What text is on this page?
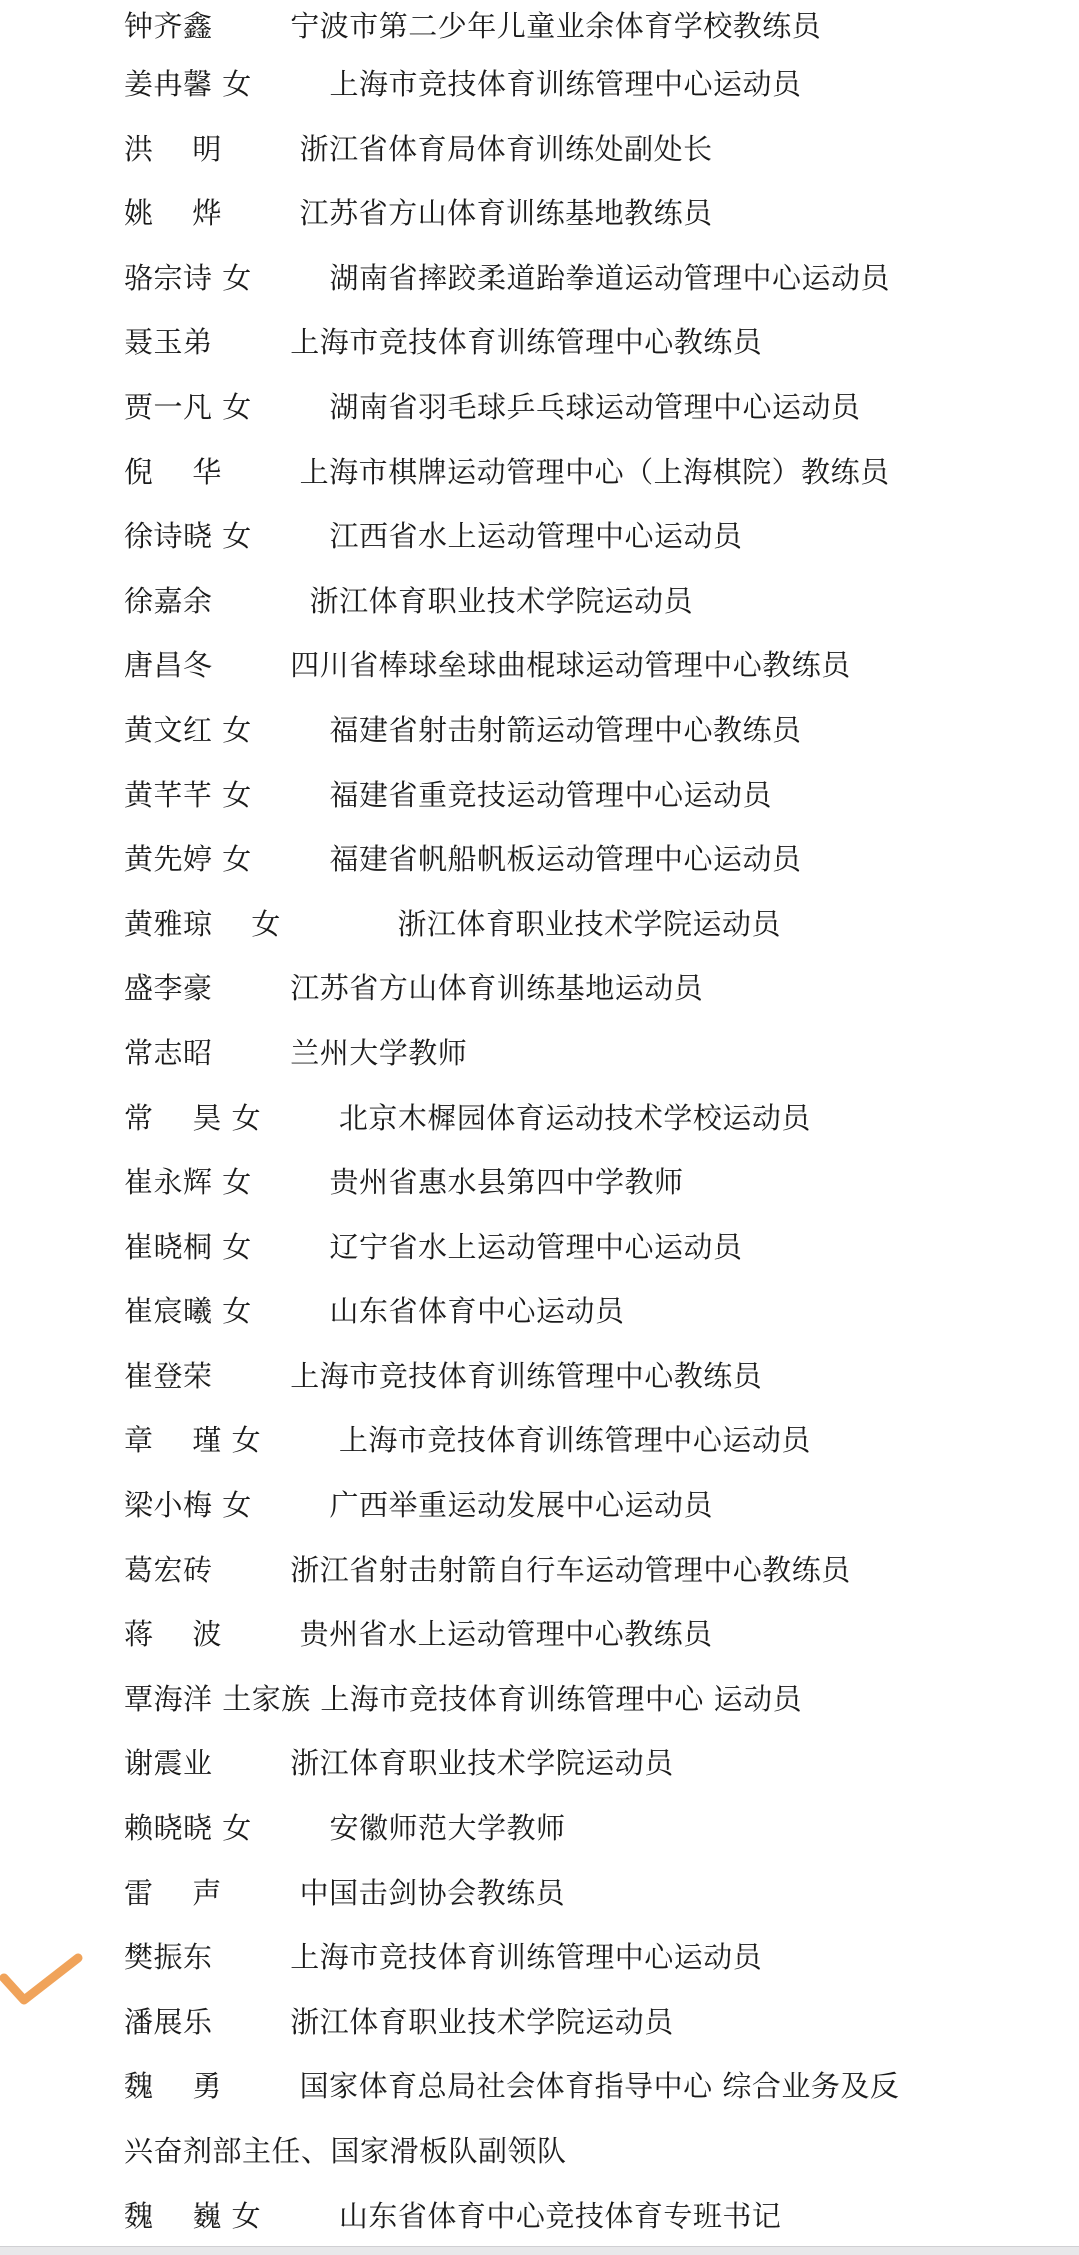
钟齐鑫        宁波市第二少年儿童业余体育学校教练员
姜冉馨 女        上海市竞技体育训练管理中心运动员
洪    明        浙江省体育局体育训练处副处长
姚    烨        江苏省方山体育训练基地教练员
骆宗诗 女        湖南省摔跤柔道跆拳道运动管理中心运动员
聂玉弟        上海市竞技体育训练管理中心教练员
贾一凡 女        湖南省羽毛球乒乓球运动管理中心运动员
倪    华        上海市棋牌运动管理中心（上海棋院）教练员
徐诗晓 女        江西省水上运动管理中心运动员
徐嘉余          浙江体育职业技术学院运动员
唐昌冬        四川省棒球垒球曲棍球运动管理中心教练员
黄文红 女        福建省射击射箭运动管理中心教练员
黄芊芊 女        福建省重竞技运动管理中心运动员
黄先婷 女        福建省帆船帆板运动管理中心运动员
黄雅琼    女            浙江体育职业技术学院运动员
盛李豪        江苏省方山体育训练基地运动员
常志昭        兰州大学教师
常    昊 女        北京木樨园体育运动技术学校运动员
崔永辉 女        贵州省惠水县第四中学教师
崔晓桐 女        辽宁省水上运动管理中心运动员
崔宸曦 女        山东省体育中心运动员
崔登荣        上海市竞技体育训练管理中心教练员
章    瑾 女        上海市竞技体育训练管理中心运动员
梁小梅 女        广西举重运动发展中心运动员
葛宏砖        浙江省射击射箭自行车运动管理中心教练员
蒋    波        贵州省水上运动管理中心教练员
覃海洋 土家族 上海市竞技体育训练管理中心 运动员
谢震业        浙江体育职业技术学院运动员
赖晓晓 女        安徽师范大学教师
雷    声        中国击剑协会教练员
樊振东        上海市竞技体育训练管理中心运动员
潘展乐        浙江体育职业技术学院运动员
魏    勇        国家体育总局社会体育指导中心 综合业务及反
兴奋剂部主任、国家滑板队副领队
魏    巍 女        山东省体育中心竞技体育专班书记
